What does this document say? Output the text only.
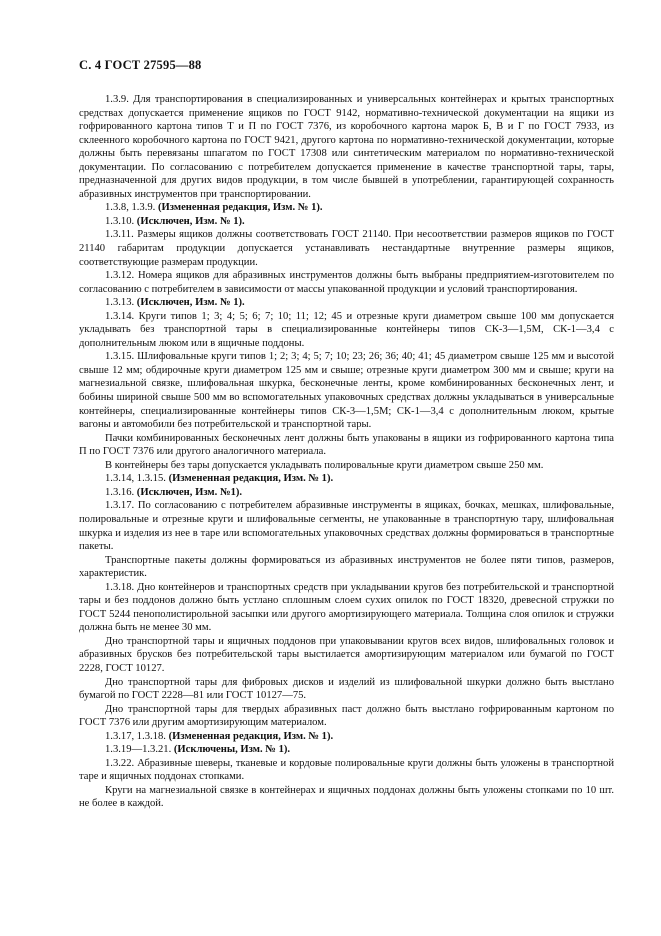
С. 4 ГОСТ 27595—88

1.3.9. Для транспортирования в специализированных и универсальных контейнерах и крытых транспортных средствах допускается применение ящиков по ГОСТ 9142, нормативно-технической документации на ящики из гофрированного картона типов Т и П по ГОСТ 7376, из коробочного картона марок Б, В и Г по ГОСТ 7933, из склеенного коробочного картона по ГОСТ 9421, другого картона по нормативно-технической документации, которые должны быть перевязаны шпагатом по ГОСТ 17308 или синтетическим материалом по нормативно-технической документации. По согласованию с потребителем допускается применение в качестве транспортной тары, тары, предназначенной для других видов продукции, в том числе бывшей в употреблении, гарантирующей сохранность абразивных инструментов при транспортировании.

1.3.8, 1.3.9. (Измененная редакция, Изм. № 1).

1.3.10. (Исключен, Изм. № 1).

1.3.11. Размеры ящиков должны соответствовать ГОСТ 21140. При несоответствии размеров ящиков по ГОСТ 21140 габаритам продукции допускается устанавливать нестандартные внутренние размеры ящиков, соответствующие размерам продукции.

1.3.12. Номера ящиков для абразивных инструментов должны быть выбраны предприятием-изготовителем по согласованию с потребителем в зависимости от массы упакованной продукции и условий транспортирования.

1.3.13. (Исключен, Изм. № 1).

1.3.14. Круги типов 1; 3; 4; 5; 6; 7; 10; 11; 12; 45 и отрезные круги диаметром свыше 100 мм допускается укладывать без транспортной тары в специализированные контейнеры типов СК-3—1,5М, СК-1—3,4 с дополнительным люком или в ящичные поддоны.

1.3.15. Шлифовальные круги типов 1; 2; 3; 4; 5; 7; 10; 23; 26; 36; 40; 41; 45 диаметром свыше 125 мм и высотой свыше 12 мм; обдирочные круги диаметром 125 мм и свыше; отрезные круги диаметром 300 мм и свыше; круги на магнезиальной связке, шлифовальная шкурка, бесконечные ленты, кроме комбинированных бесконечных лент, и бобины шириной свыше 500 мм во вспомогательных упаковочных средствах должны укладываться в универсальные контейнеры, специализированные контейнеры типов СК-3—1,5М; СК-1—3,4 с дополнительным люком, крытые вагоны и автомобили без потребительской и транспортной тары.

Пачки комбинированных бесконечных лент должны быть упакованы в ящики из гофрированного картона типа П по ГОСТ 7376 или другого аналогичного материала.

В контейнеры без тары допускается укладывать полировальные круги диаметром свыше 250 мм.

1.3.14, 1.3.15. (Измененная редакция, Изм. № 1).

1.3.16. (Исключен, Изм. №1).

1.3.17. По согласованию с потребителем абразивные инструменты в ящиках, бочках, мешках, шлифовальные, полировальные и отрезные круги и шлифовальные сегменты, не упакованные в транспортную тару, шлифовальная шкурка и изделия из нее в таре или вспомогательных упаковочных средствах должны формироваться в транспортные пакеты.

Транспортные пакеты должны формироваться из абразивных инструментов не более пяти типов, размеров, характеристик.

1.3.18. Дно контейнеров и транспортных средств при укладывании кругов без потребительской и транспортной тары и без поддонов должно быть устлано сплошным слоем сухих опилок по ГОСТ 18320, древесной стружки по ГОСТ 5244 пенополистирольной засыпки или другого амортизирующего материала. Толщина слоя опилок и стружки должна быть не менее 30 мм.

Дно транспортной тары и ящичных поддонов при упаковывании кругов всех видов, шлифовальных головок и абразивных брусков без потребительской тары выстилается амортизирующим материалом или бумагой по ГОСТ 2228, ГОСТ 10127.

Дно транспортной тары для фибровых дисков и изделий из шлифовальной шкурки должно быть выстлано бумагой по ГОСТ 2228—81 или ГОСТ 10127—75.

Дно транспортной тары для твердых абразивных паст должно быть выстлано гофрированным картоном по ГОСТ 7376 или другим амортизирующим материалом.

1.3.17, 1.3.18. (Измененная редакция, Изм. № 1).

1.3.19—1.3.21. (Исключены, Изм. № 1).

1.3.22. Абразивные шеверы, тканевые и кордовые полировальные круги должны быть уложены в транспортной таре и ящичных поддонах стопками.

Круги на магнезиальной связке в контейнерах и ящичных поддонах должны быть уложены стопками по 10 шт. не более в каждой.
